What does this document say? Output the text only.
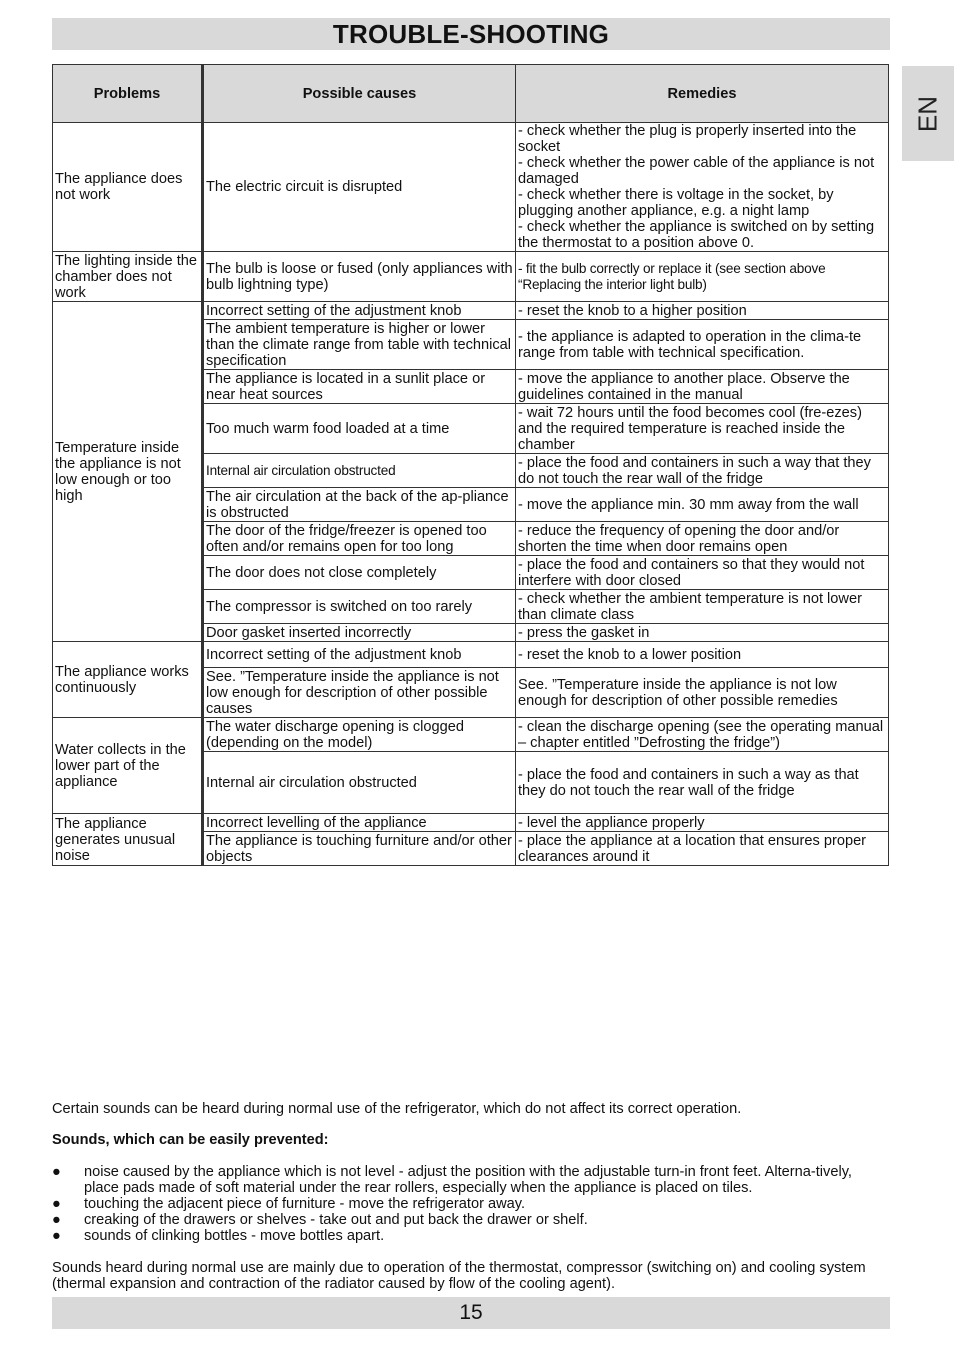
TROUBLE-SHOOTING
EN
Problems	Possible causes	Remedies
The appliance does not work	The electric circuit is disrupted	- check whether the plug is properly inserted into the socket
- check whether the power cable of the appliance is not damaged
- check whether there is voltage in the socket, by plugging another appliance, e.g. a night lamp
- check whether the appliance is switched on by setting the thermostat to a position above 0.
The lighting inside the chamber does not work	The bulb is loose or fused (only appliances with bulb lightning type)	- fit the bulb correctly or replace it (see section above “Replacing the interior light bulb)
Temperature inside the appliance is not low enough or too high	Incorrect setting of the adjustment knob	- reset the knob to a higher position
	The ambient temperature is higher or lower than the climate range from table with technical specification	- the appliance is adapted to operation in the clima-te range from table with technical specification.
	The appliance is located in a sunlit place or near heat sources	- move the appliance to another place. Observe the guidelines contained in the manual
	Too much warm food loaded at a time	- wait 72 hours until the food becomes cool (fre-ezes) and the required temperature is reached inside the chamber
	Internal air circulation obstructed	- place the food and containers in such a way that they do not touch the rear wall of the fridge
	The air circulation at the back of the ap-pliance is obstructed	- move the appliance min. 30 mm away from the wall
	The door of the fridge/freezer is opened too often and/or remains open for too long	- reduce the frequency of opening the door and/or shorten the time when door remains open
	The door does not close completely	- place the food and containers so that they would not interfere with door closed
	The compressor is switched on too rarely	- check whether the ambient temperature is not lower than climate class
	Door gasket inserted incorrectly	- press the gasket in
The appliance works continuously	Incorrect setting of the adjustment knob	- reset the knob to a lower position
	See. ”Temperature inside the appliance is not low enough for description of other possible causes	See. ”Temperature inside the appliance is not low enough for description of other possible remedies
Water collects in the lower part of the appliance	The water discharge opening is clogged (depending on the model)	- clean the discharge opening (see the operating manual – chapter entitled ”Defrosting the fridge”)
	Internal air circulation obstructed	- place the food and containers in such a way as that they do not touch the rear wall of the fridge
The appliance generates unusual noise	Incorrect levelling of the appliance	- level the appliance properly
	The appliance is touching furniture and/or other objects	- place the appliance at a location that ensures proper clearances around it
Certain sounds can be heard during normal use of the refrigerator, which do not affect its correct operation.
Sounds, which can be easily prevented:
● noise caused by the appliance which is not level - adjust the position with the adjustable turn-in front feet. Alterna-tively, place pads made of soft material under the rear rollers, especially when the appliance is placed on tiles.
● touching the adjacent piece of furniture - move the refrigerator away.
● creaking of the drawers or shelves - take out and put back the drawer or shelf.
● sounds of clinking bottles - move bottles apart.
Sounds heard during normal use are mainly due to operation of the thermostat, compressor (switching on) and cooling system (thermal expansion and contraction of the radiator caused by flow of the cooling agent).
15
